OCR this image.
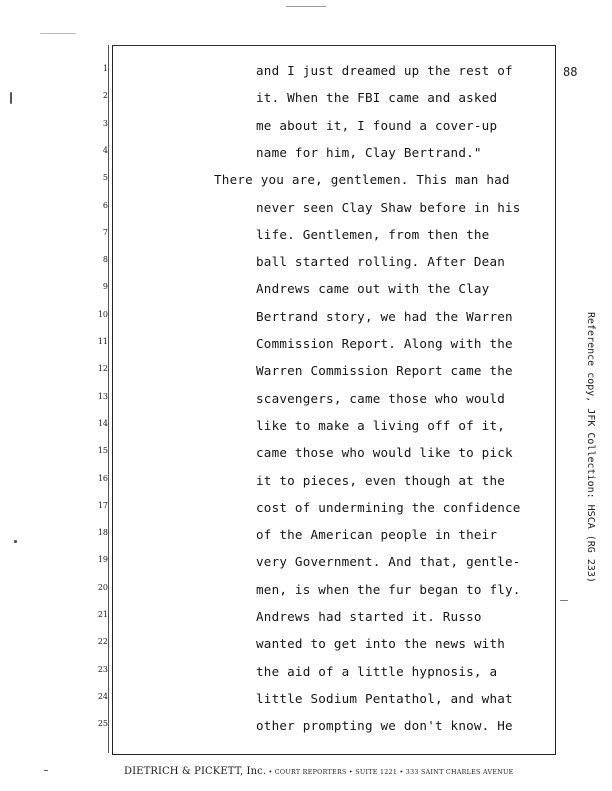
1
2
3
4
5
6
7
8
9
10
11
12
13
14
15
16
17
18
19
20
21
22
23
24
25
and I just dreamed up the rest of
it. When the FBI came and asked
me about it, I found a cover-up
name for him, Clay Bertrand."
There you are, gentlemen. This man had
never seen Clay Shaw before in his
life. Gentlemen, from then the
ball started rolling. After Dean
Andrews came out with the Clay
Bertrand story, we had the Warren
Commission Report. Along with the
Warren Commission Report came the
scavengers, came those who would
like to make a living off of it,
came those who would like to pick
it to pieces, even though at the
cost of undermining the confidence
of the American people in their
very Government. And that, gentle-
men, is when the fur began to fly.
Andrews had started it. Russo
wanted to get into the news with
the aid of a little hypnosis, a
little Sodium Pentathol, and what
other prompting we don't know. He
88
Reference copy, JFK Collection: HSCA (RG 233)
DIETRICH & PICKETT, Inc. • COURT REPORTERS • SUITE 1221 • 333 SAINT CHARLES AVENUE
